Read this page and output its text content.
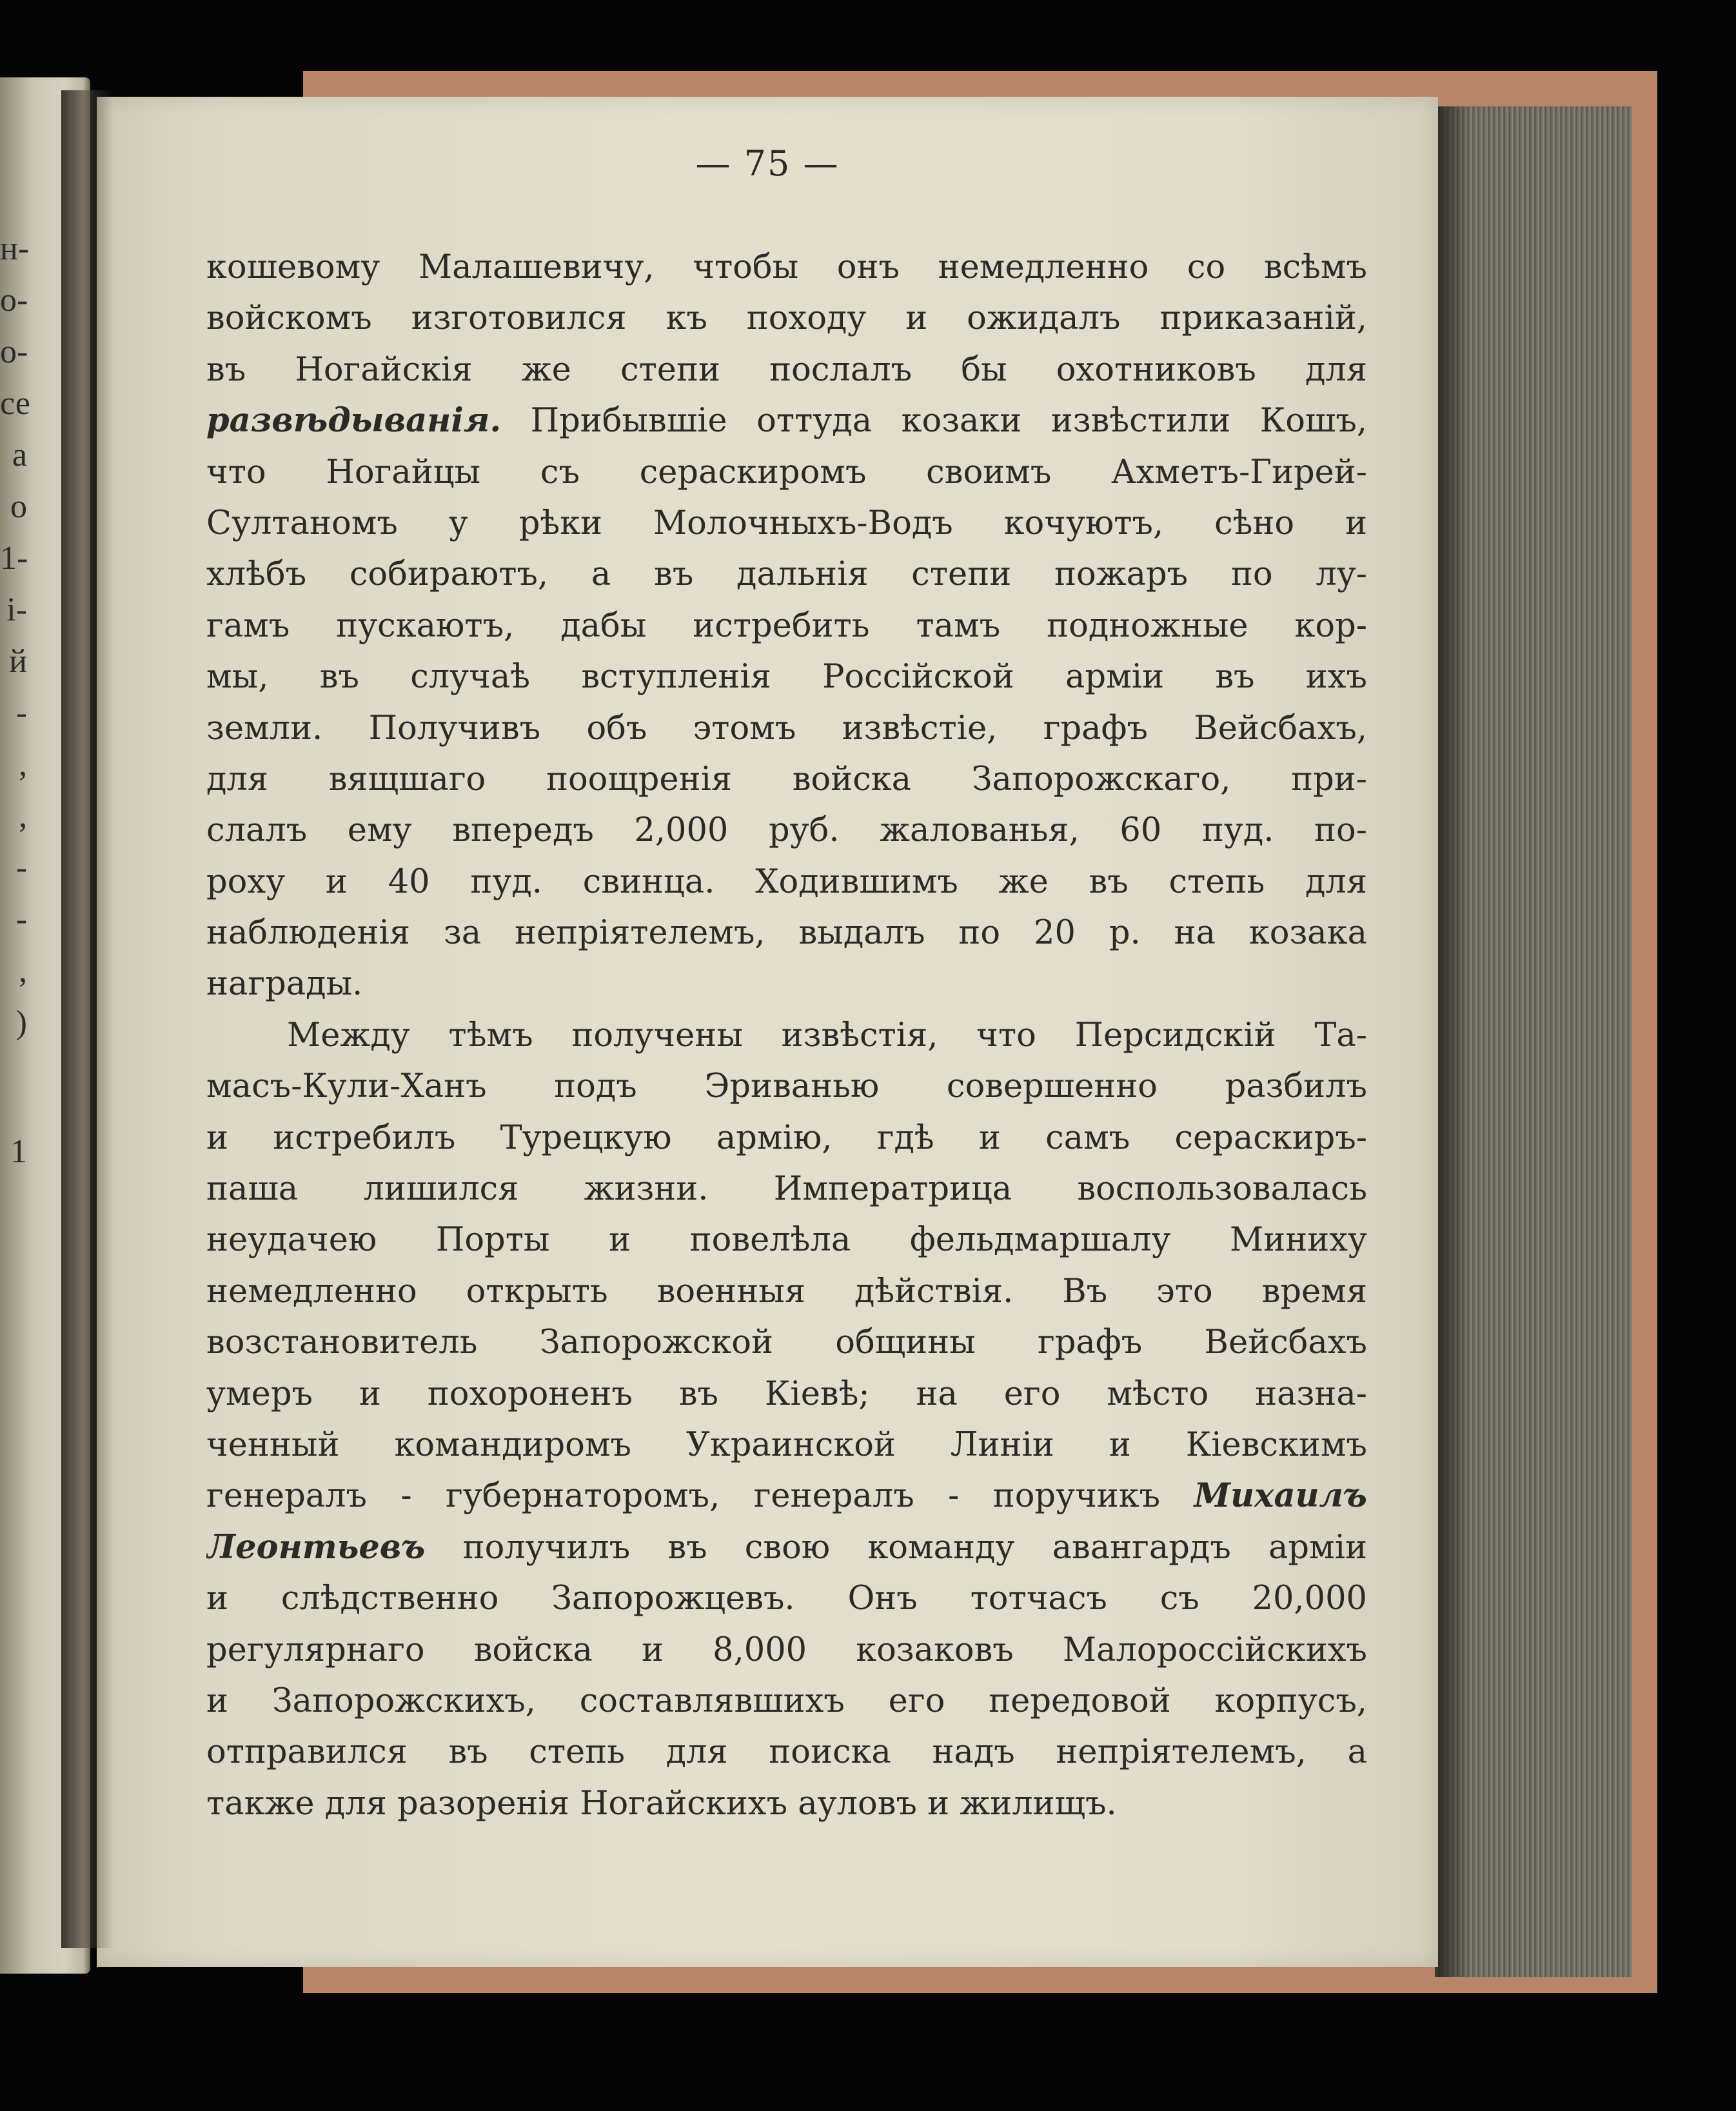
н-
о-
о-
се
а
о
1-
і-
й
-
,
,
-
-
,
)
1
— 75 —
кошевому Малашевичу, чтобы онъ немедленно со всѣмъ
войскомъ изготовился къ походу и ожидалъ приказаній,
въ Ногайскія же степи послалъ бы охотниковъ для
развѣдыванія. Прибывшіе оттуда козаки извѣстили Кошъ,
что Ногайцы съ сераскиромъ своимъ Ахметъ-Гирей-
Султаномъ у рѣки Молочныхъ-Водъ кочуютъ, сѣно и
хлѣбъ собираютъ, а въ дальнія степи пожаръ по лу-
гамъ пускаютъ, дабы истребить тамъ подножные кор-
мы, въ случаѣ вступленія Россійской арміи въ ихъ
земли. Получивъ объ этомъ извѣстіе, графъ Вейсбахъ,
для вящшаго поощренія войска Запорожскаго, при-
слалъ ему впередъ 2,000 руб. жалованья, 60 пуд. по-
роху и 40 пуд. свинца. Ходившимъ же въ степь для
наблюденія за непріятелемъ, выдалъ по 20 р. на козака
награды.
Между тѣмъ получены извѣстія, что Персидскій Та-
масъ-Кули-Ханъ подъ Эриванью совершенно разбилъ
и истребилъ Турецкую армію, гдѣ и самъ сераскиръ-
паша лишился жизни. Императрица воспользовалась
неудачею Порты и повелѣла фельдмаршалу Миниху
немедленно открыть военныя дѣйствія. Въ это время
возстановитель Запорожской общины графъ Вейсбахъ
умеръ и похороненъ въ Кіевѣ; на его мѣсто назна-
ченный командиромъ Украинской Линіи и Кіевскимъ
генералъ - губернаторомъ, генералъ - поручикъ Михаилъ
Леонтьевъ получилъ въ свою команду авангардъ арміи
и слѣдственно Запорожцевъ. Онъ тотчасъ съ 20,000
регулярнаго войска и 8,000 козаковъ Малороссійскихъ
и Запорожскихъ, составлявшихъ его передовой корпусъ,
отправился въ степь для поиска надъ непріятелемъ, а
также для разоренія Ногайскихъ ауловъ и жилищъ.
